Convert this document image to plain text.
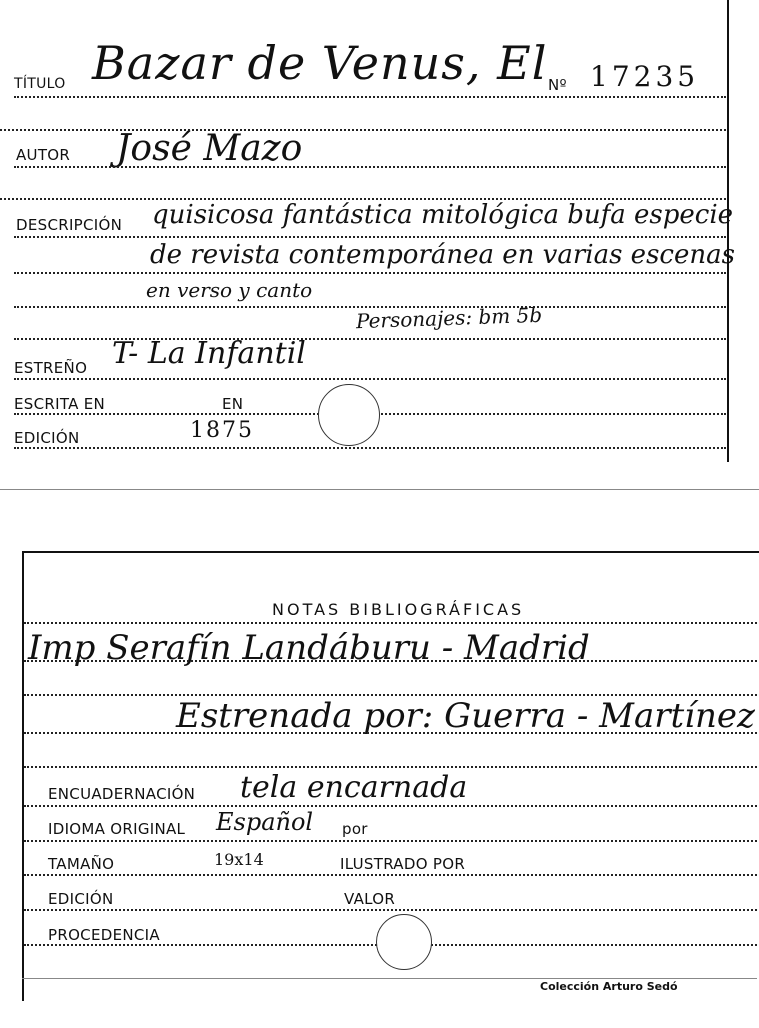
TÍTULO Bazar de Venus, El Nº 17235
AUTOR José Mazo
DESCRIPCIÓN quisicosa fantástica mitológica bufa especie
de revista contemporánea en varias escenas
en verso y canto
Personajes: bm 5b
ESTREÑO T- La Infantil
ESCRITA EN	EN
EDICIÓN	1875
NOTAS BIBLIOGRÁFICAS
Imp Serafín Landáburu - Madrid
Estrenada por: Guerra - Martínez
ENCUADERNACIÓN tela encarnada
IDIOMA ORIGINAL Español por
TAMAÑO	19x14	ILUSTRADO POR
EDICIÓN	VALOR
PROCEDENCIA
Colección Arturo Sedó
